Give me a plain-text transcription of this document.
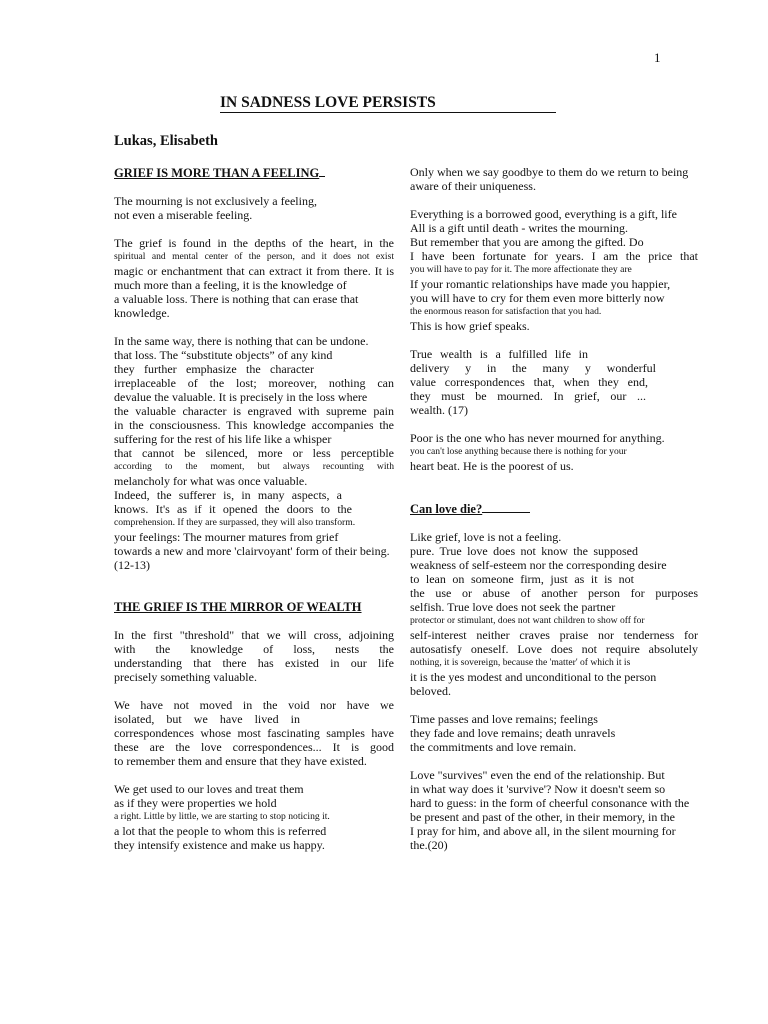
1
IN SADNESS LOVE PERSISTS
Lukas, Elisabeth
GRIEF IS MORE THAN A FEELING
The mourning is not exclusively a feeling,
not even a miserable feeling.
The grief is found in the depths of the heart, in the
spiritual and mental center of the person, and it does not exist
magic or enchantment that can extract it from there. It is
much more than a feeling, it is the knowledge of
a valuable loss. There is nothing that can erase that
knowledge.
In the same way, there is nothing that can be undone.
that loss. The “substitute objects” of any kind
they further emphasize the character
irreplaceable of the lost; moreover, nothing can
devalue the valuable. It is precisely in the loss where
the valuable character is engraved with supreme pain
in the consciousness. This knowledge accompanies the
suffering for the rest of his life like a whisper
that cannot be silenced, more or less perceptible
according to the moment, but always recounting with
melancholy for what was once valuable.
Indeed, the sufferer is, in many aspects, a
knows. It's as if it opened the doors to the
comprehension. If they are surpassed, they will also transform.
your feelings: The mourner matures from grief
towards a new and more 'clairvoyant' form of their being.
(12-13)
THE GRIEF IS THE MIRROR OF WEALTH
In the first "threshold" that we will cross, adjoining
with the knowledge of loss, nests the
understanding that there has existed in our life
precisely something valuable.
We have not moved in the void nor have we
isolated, but we have lived in
correspondences whose most fascinating samples have
these are the love correspondences... It is good
to remember them and ensure that they have existed.
We get used to our loves and treat them
as if they were properties we hold
a right. Little by little, we are starting to stop noticing it.
a lot that the people to whom this is referred
they intensify existence and make us happy.
Only when we say goodbye to them do we return to being
aware of their uniqueness.
Everything is a borrowed good, everything is a gift, life
All is a gift until death - writes the mourning.
But remember that you are among the gifted. Do
I have been fortunate for years. I am the price that
you will have to pay for it. The more affectionate they are
If your romantic relationships have made you happier,
you will have to cry for them even more bitterly now
the enormous reason for satisfaction that you had.
This is how grief speaks.
True wealth is a fulfilled life in
delivery y in the many y wonderful
value correspondences that, when they end,
they must be mourned. In grief, our ...
wealth. (17)
Poor is the one who has never mourned for anything.
you can't lose anything because there is nothing for your
heart beat. He is the poorest of us.
Can love die?
Like grief, love is not a feeling.
pure. True love does not know the supposed
weakness of self-esteem nor the corresponding desire
to lean on someone firm, just as it is not
the use or abuse of another person for purposes
selfish. True love does not seek the partner
protector or stimulant, does not want children to show off for
self-interest neither craves praise nor tenderness for
autosatisfy oneself. Love does not require absolutely
nothing, it is sovereign, because the 'matter' of which it is
it is the yes modest and unconditional to the person
beloved.
Time passes and love remains; feelings
they fade and love remains; death unravels
the commitments and love remain.
Love "survives" even the end of the relationship. But
in what way does it 'survive'? Now it doesn't seem so
hard to guess: in the form of cheerful consonance with the
be present and past of the other, in their memory, in the
I pray for him, and above all, in the silent mourning for
the.(20)
